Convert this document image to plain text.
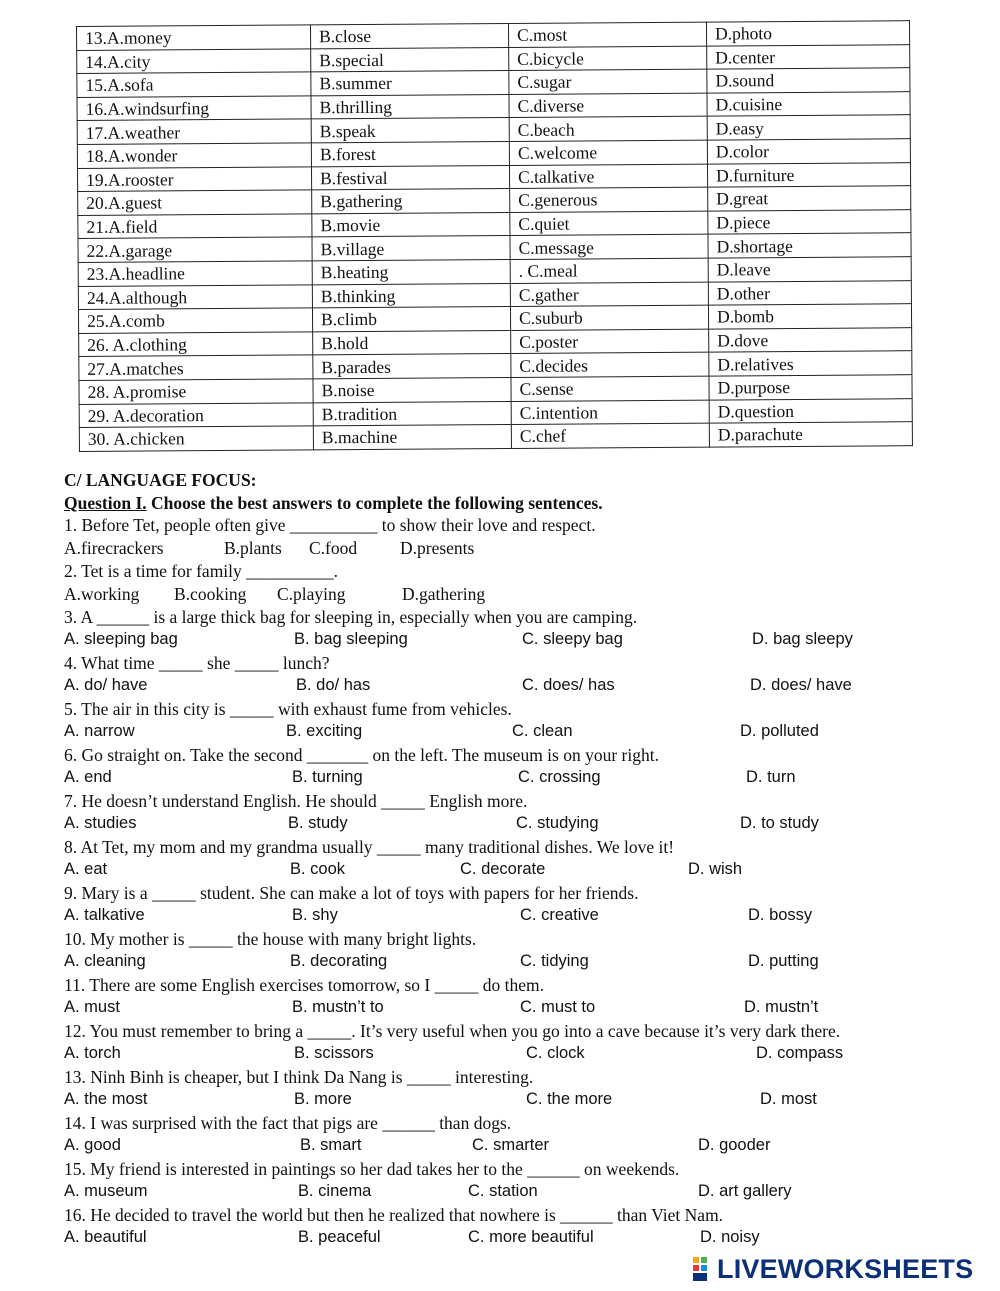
13.A.money	B.close	C.most	D.photo
14.A.city	B.special	C.bicycle	D.center
15.A.sofa	B.summer	C.sugar	D.sound
16.A.windsurfing	B.thrilling	C.diverse	D.cuisine
17.A.weather	B.speak	C.beach	D.easy
18.A.wonder	B.forest	C.welcome	D.color
19.A.rooster	B.festival	C.talkative	D.furniture
20.A.guest	B.gathering	C.generous	D.great
21.A.field	B.movie	C.quiet	D.piece
22.A.garage	B.village	C.message	D.shortage
23.A.headline	B.heating	. C.meal	D.leave
24.A.although	B.thinking	C.gather	D.other
25.A.comb	B.climb	C.suburb	D.bomb
26. A.clothing	B.hold	C.poster	D.dove
27.A.matches	B.parades	C.decides	D.relatives
28. A.promise	B.noise	C.sense	D.purpose
29. A.decoration	B.tradition	C.intention	D.question
30. A.chicken	B.machine	C.chef	D.parachute
C/ LANGUAGE FOCUS:
Question I. Choose the best answers to complete the following sentences.
1. Before Tet, people often give __________ to show their love and respect.
A.firecrackers	B.plants C.food D.presents
2. Tet is a time for family __________.
A.working B.cooking C.playing	D.gathering
3. A ______ is a large thick bag for sleeping in, especially when you are camping.
A. sleeping bag	B. bag sleeping	C. sleepy bag	D. bag sleepy
4. What time _____ she _____ lunch?
A. do/ have	B. do/ has	C. does/ has	D. does/ have
5. The air in this city is _____ with exhaust fume from vehicles.
A. narrow	B. exciting	C. clean	D. polluted
6. Go straight on. Take the second _______ on the left. The museum is on your right.
A. end	B. turning	C. crossing	D. turn
7. He doesn’t understand English. He should _____ English more.
A. studies	B. study	C. studying	D. to study
8. At Tet, my mom and my grandma usually _____ many traditional dishes. We love it!
A. eat	B. cook	C. decorate	D. wish
9. Mary is a _____ student. She can make a lot of toys with papers for her friends.
A. talkative	B. shy	C. creative	D. bossy
10. My mother is _____ the house with many bright lights.
A. cleaning	B. decorating	C. tidying	D. putting
11. There are some English exercises tomorrow, so I _____ do them.
A. must	B. mustn’t to	C. must to	D. mustn’t
12. You must remember to bring a _____. It’s very useful when you go into a cave because it’s very dark there.
A. torch	B. scissors	C. clock	D. compass
13. Ninh Binh is cheaper, but I think Da Nang is _____ interesting.
A. the most	B. more	C. the more	D. most
14. I was surprised with the fact that pigs are ______ than dogs.
A. good	B. smart	C. smarter	D. gooder
15. My friend is interested in paintings so her dad takes her to the ______ on weekends.
A. museum	B. cinema	C. station	D. art gallery
16. He decided to travel the world but then he realized that nowhere is ______ than Viet Nam.
A. beautiful	B. peaceful	C. more beautiful	D. noisy
LIVEWORKSHEETS
